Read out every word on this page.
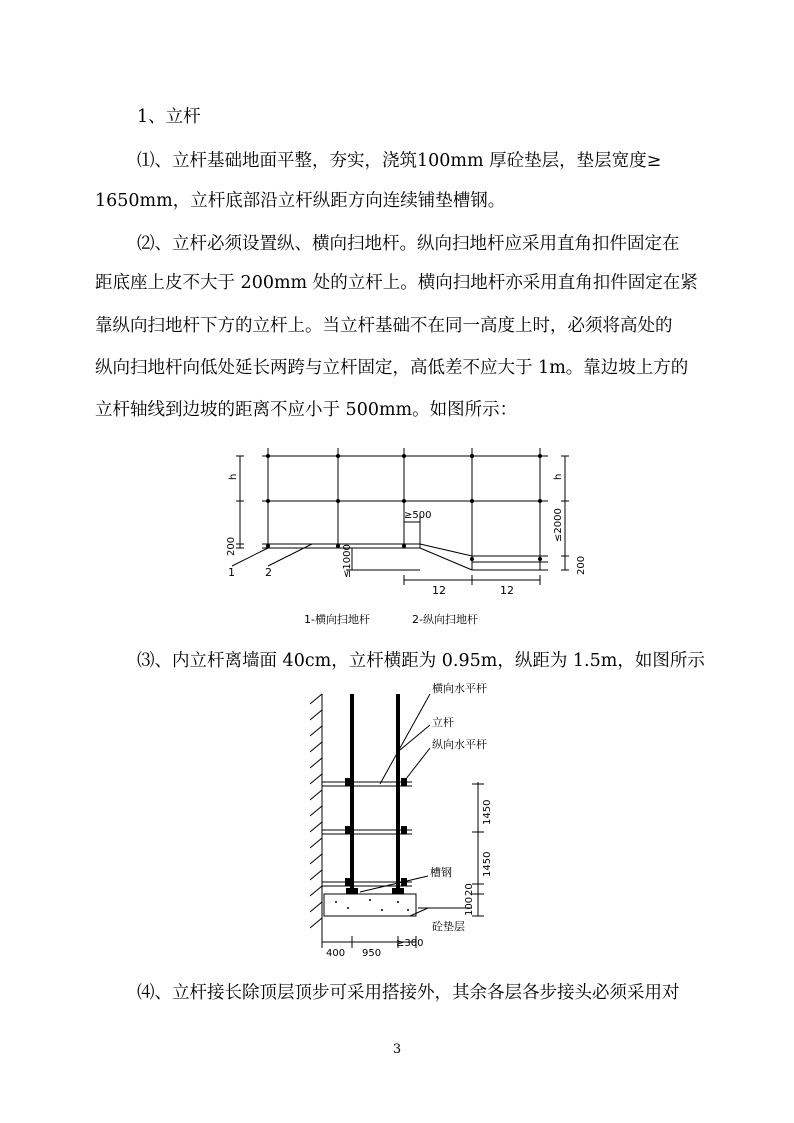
1、立杆
⑴、立杆基础地面平整，夯实，浇筑100mm 厚砼垫层，垫层宽度≥
1650mm，立杆底部沿立杆纵距方向连续铺垫槽钢。
⑵、立杆必须设置纵、横向扫地杆。纵向扫地杆应采用直角扣件固定在
距底座上皮不大于 200mm 处的立杆上。横向扫地杆亦采用直角扣件固定在紧
靠纵向扫地杆下方的立杆上。当立杆基础不在同一高度上时，必须将高处的
纵向扫地杆向低处延长两跨与立杆固定，高低差不应大于 1m。靠边坡上方的
立杆轴线到边坡的距离不应小于 500mm。如图所示：
h	h
≥500	≤2000
200
200
≤1000
1	2
12	12
1-横向扫地杆	2-纵向扫地杆
⑶、内立杆离墙面 40cm，立杆横距为 0.95m，纵距为 1.5m，如图所示
横向水平杆
立杆
纵向水平杆
1450
1450
槽钢
100
20
砼垫层
400 950
≥300
⑷、立杆接长除顶层顶步可采用搭接外，其余各层各步接头必须采用对
3
